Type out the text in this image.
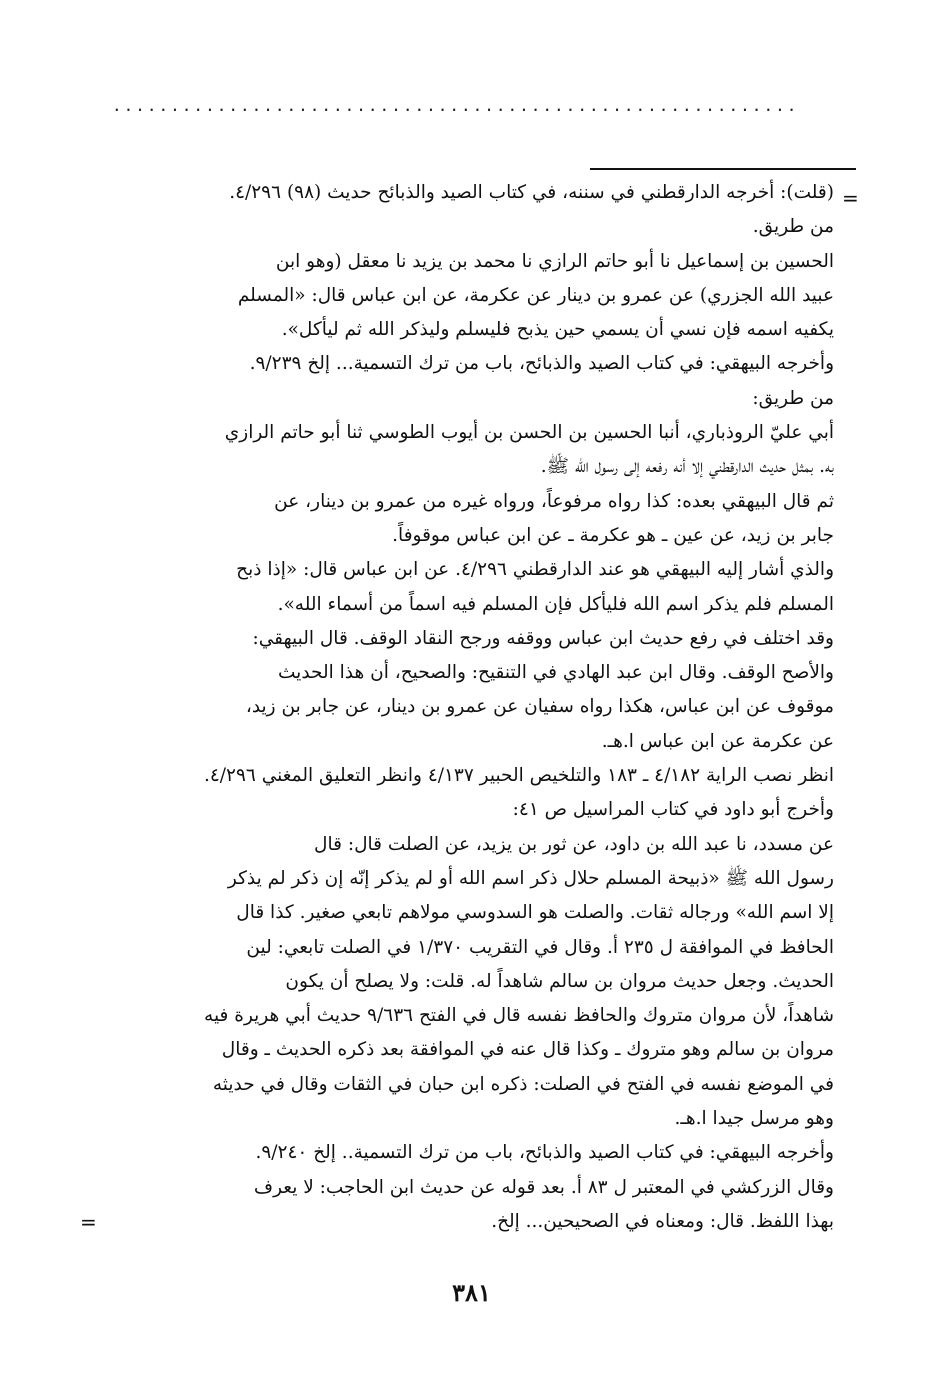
...........................................................
=
(قلت): أخرجه الدارقطني في سننه، في كتاب الصيد والذبائح حديث (٩٨) ٤/٢٩٦.
من طريق.
الحسين بن إسماعيل نا أبو حاتم الرازي نا محمد بن يزيد نا معقل (وهو ابن
عبيد الله الجزري) عن عمرو بن دينار عن عكرمة، عن ابن عباس قال: «المسلم
يكفيه اسمه فإن نسي أن يسمي حين يذبح فليسلم وليذكر الله ثم ليأكل».
وأخرجه البيهقي: في كتاب الصيد والذبائح، باب من ترك التسمية... إلخ ٩/٢٣٩.
من طريق:
أبي عليّ الروذباري، أنبا الحسين بن الحسن بن أيوب الطوسي ثنا أبو حاتم الرازي
به. بمثل حديث الدارقطني إلا أنه رفعه إلى رسول الله ﷺ.
ثم قال البيهقي بعده: كذا رواه مرفوعاً، ورواه غيره من عمرو بن دينار، عن
جابر بن زيد، عن عين ـ هو عكرمة ـ عن ابن عباس موقوفاً.
والذي أشار إليه البيهقي هو عند الدارقطني ٤/٢٩٦. عن ابن عباس قال: «إذا ذبح
المسلم فلم يذكر اسم الله فليأكل فإن المسلم فيه اسماً من أسماء الله».
وقد اختلف في رفع حديث ابن عباس ووقفه ورجح النقاد الوقف. قال البيهقي:
والأصح الوقف. وقال ابن عبد الهادي في التنقيح: والصحيح، أن هذا الحديث
موقوف عن ابن عباس، هكذا رواه سفيان عن عمرو بن دينار، عن جابر بن زيد،
عن عكرمة عن ابن عباس ا.هـ.
انظر نصب الراية ٤/١٨٢ ـ ١٨٣ والتلخيص الحبير ٤/١٣٧ وانظر التعليق المغني ٤/٢٩٦.
وأخرج أبو داود في كتاب المراسيل ص ٤١:
عن مسدد، نا عبد الله بن داود، عن ثور بن يزيد، عن الصلت قال: قال
رسول الله ﷺ «ذبيحة المسلم حلال ذكر اسم الله أو لم يذكر إنّه إن ذكر لم يذكر
إلا اسم الله» ورجاله ثقات. والصلت هو السدوسي مولاهم تابعي صغير. كذا قال
الحافظ في الموافقة ل ٢٣٥ أ. وقال في التقريب ١/٣٧٠ في الصلت تابعي: لين
الحديث. وجعل حديث مروان بن سالم شاهداً له. قلت: ولا يصلح أن يكون
شاهداً، لأن مروان متروك والحافظ نفسه قال في الفتح ٩/٦٣٦ حديث أبي هريرة فيه
مروان بن سالم وهو متروك ـ وكذا قال عنه في الموافقة بعد ذكره الحديث ـ وقال
في الموضع نفسه في الفتح في الصلت: ذكره ابن حبان في الثقات وقال في حديثه
وهو مرسل جيدا ا.هـ.
وأخرجه البيهقي: في كتاب الصيد والذبائح، باب من ترك التسمية.. إلخ ٩/٢٤٠.
وقال الزركشي في المعتبر ل ٨٣ أ. بعد قوله عن حديث ابن الحاجب: لا يعرف
بهذا اللفظ. قال: ومعناه في الصحيحين... إلخ.
=
٣٨١
